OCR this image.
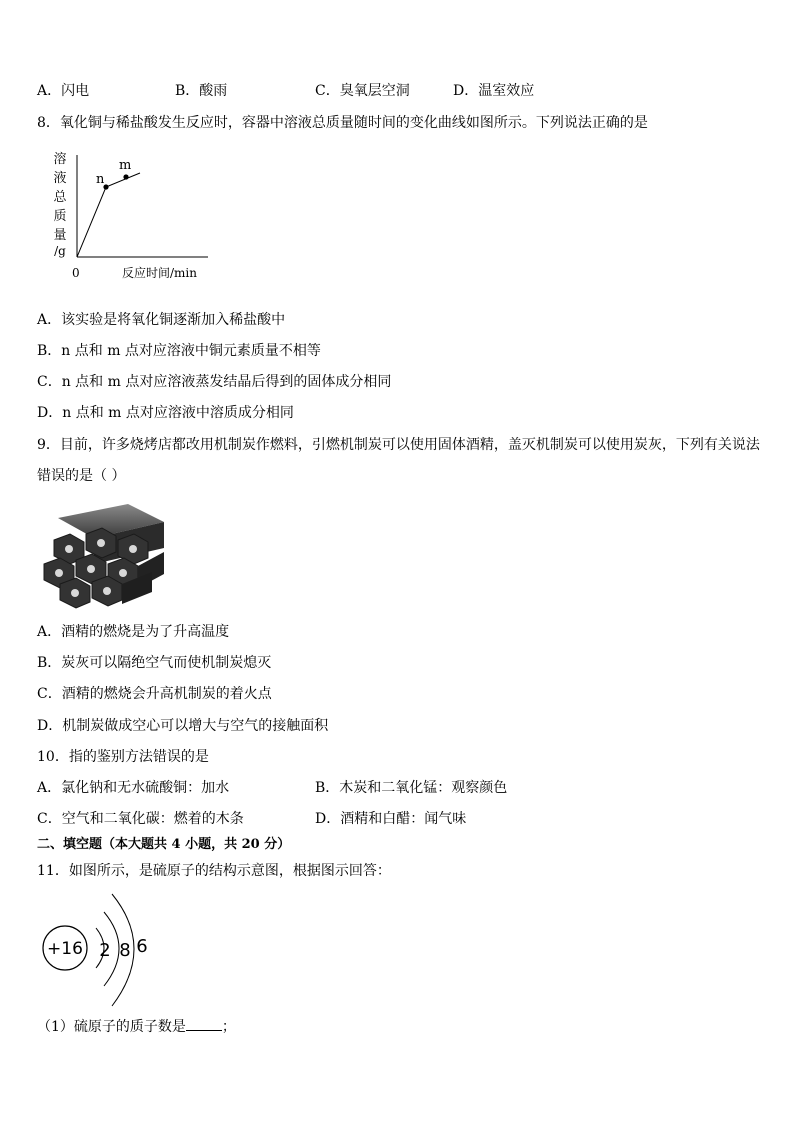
A．闪电	B．酸雨	C．臭氧层空洞	D．温室效应
8．氧化铜与稀盐酸发生反应时，容器中溶液总质量随时间的变化曲线如图所示。下列说法正确的是
溶
液
总
质
量
/g
n
m
0	反应时间/min
A．该实验是将氧化铜逐渐加入稀盐酸中
B．n 点和 m 点对应溶液中铜元素质量不相等
C．n 点和 m 点对应溶液蒸发结晶后得到的固体成分相同
D．n 点和 m 点对应溶液中溶质成分相同
9．目前，许多烧烤店都改用机制炭作燃料，引燃机制炭可以使用固体酒精，盖灭机制炭可以使用炭灰，下列有关说法
错误的是（ ）
A．酒精的燃烧是为了升高温度
B．炭灰可以隔绝空气而使机制炭熄灭
C．酒精的燃烧会升高机制炭的着火点
D．机制炭做成空心可以增大与空气的接触面积
10．指的鉴别方法错误的是
A．氯化钠和无水硫酸铜：加水	B．木炭和二氧化锰：观察颜色
C．空气和二氧化碳：燃着的木条	D．酒精和白醋：闻气味
二、填空题（本大题共 4 小题，共 20 分）
11．如图所示，是硫原子的结构示意图，根据图示回答：
+16 2 8 6
（1）硫原子的质子数是	；
